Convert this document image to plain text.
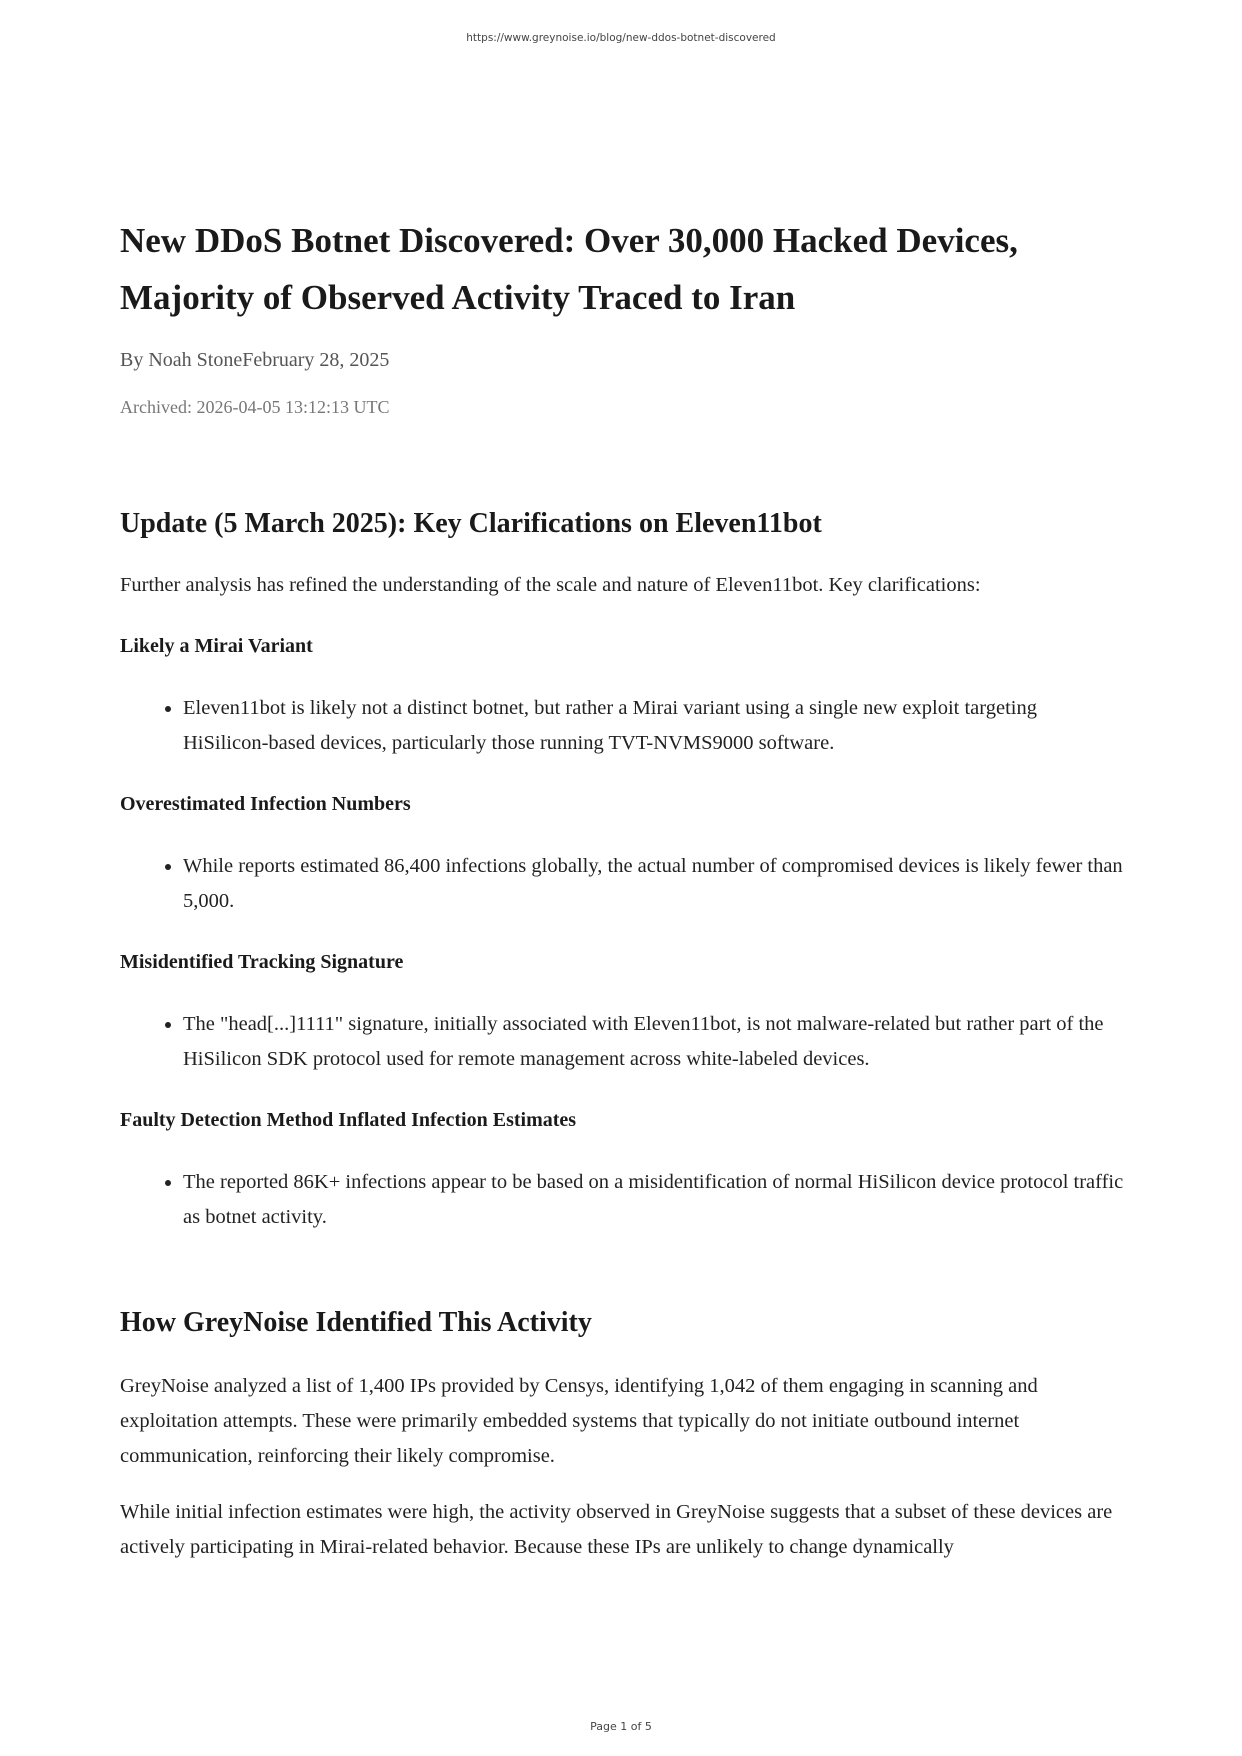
https://www.greynoise.io/blog/new-ddos-botnet-discovered
New DDoS Botnet Discovered: Over 30,000 Hacked Devices, Majority of Observed Activity Traced to Iran
By Noah StoneFebruary 28, 2025
Archived: 2026-04-05 13:12:13 UTC
Update (5 March 2025): Key Clarifications on Eleven11bot

Further analysis has refined the understanding of the scale and nature of Eleven11bot. Key clarifications:

Likely a Mirai Variant
• Eleven11bot is likely not a distinct botnet, but rather a Mirai variant using a single new exploit targeting HiSilicon-based devices, particularly those running TVT-NVMS9000 software.
Overestimated Infection Numbers
• While reports estimated 86,400 infections globally, the actual number of compromised devices is likely fewer than 5,000.
Misidentified Tracking Signature
• The "head[...]1111" signature, initially associated with Eleven11bot, is not malware-related but rather part of the HiSilicon SDK protocol used for remote management across white-labeled devices.
Faulty Detection Method Inflated Infection Estimates
• The reported 86K+ infections appear to be based on a misidentification of normal HiSilicon device protocol traffic as botnet activity.
How GreyNoise Identified This Activity

GreyNoise analyzed a list of 1,400 IPs provided by Censys, identifying 1,042 of them engaging in scanning and exploitation attempts. These were primarily embedded systems that typically do not initiate outbound internet communication, reinforcing their likely compromise.

While initial infection estimates were high, the activity observed in GreyNoise suggests that a subset of these devices are actively participating in Mirai-related behavior. Because these IPs are unlikely to change dynamically

Page 1 of 5
